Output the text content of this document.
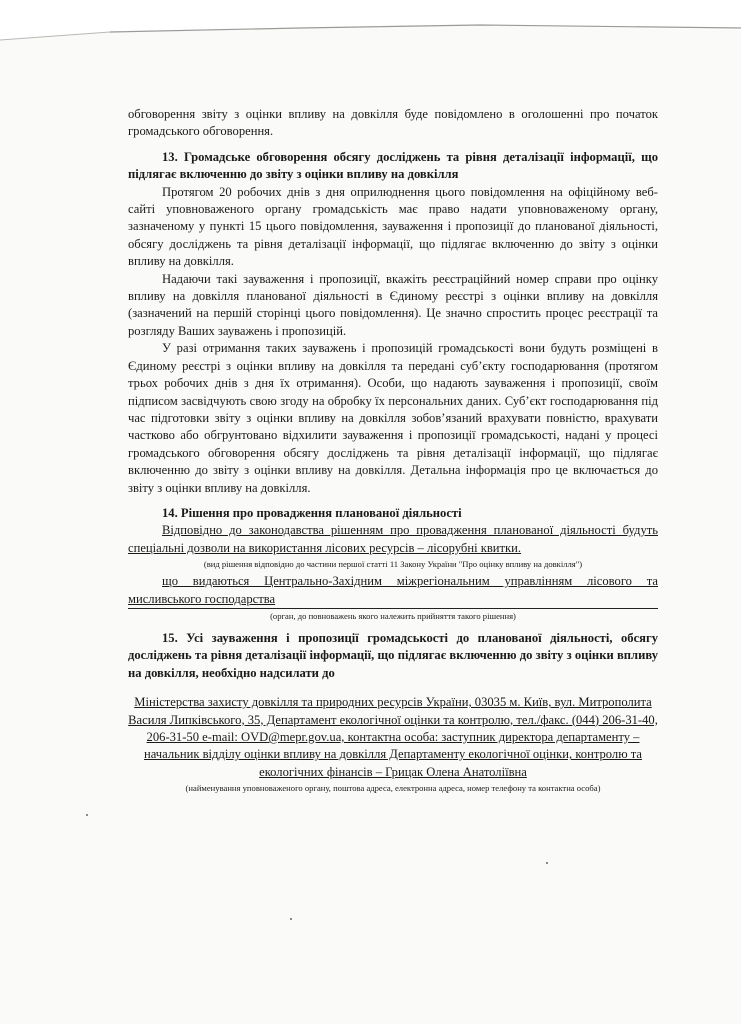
обговорення звіту з оцінки впливу на довкілля буде повідомлено в оголошенні про початок громадського обговорення.

13. Громадське обговорення обсягу досліджень та рівня деталізації інформації, що підлягає включенню до звіту з оцінки впливу на довкілля

Протягом 20 робочих днів з дня оприлюднення цього повідомлення на офіційному веб-сайті уповноваженого органу громадськість має право надати уповноваженому органу, зазначеному у пункті 15 цього повідомлення, зауваження і пропозиції до планованої діяльності, обсягу досліджень та рівня деталізації інформації, що підлягає включенню до звіту з оцінки впливу на довкілля.

Надаючи такі зауваження і пропозиції, вкажіть реєстраційний номер справи про оцінку впливу на довкілля планованої діяльності в Єдиному реєстрі з оцінки впливу на довкілля (зазначений на першій сторінці цього повідомлення). Це значно спростить процес реєстрації та розгляду Ваших зауважень і пропозицій.

У разі отримання таких зауважень і пропозицій громадськості вони будуть розміщені в Єдиному реєстрі з оцінки впливу на довкілля та передані суб’єкту господарювання (протягом трьох робочих днів з дня їх отримання). Особи, що надають зауваження і пропозиції, своїм підписом засвідчують свою згоду на обробку їх персональних даних. Суб’єкт господарювання під час підготовки звіту з оцінки впливу на довкілля зобов’язаний врахувати повністю, врахувати частково або обгрунтовано відхилити зауваження і пропозиції громадськості, надані у процесі громадського обговорення обсягу досліджень та рівня деталізації інформації, що підлягає включенню до звіту з оцінки впливу на довкілля. Детальна інформація про це включається до звіту з оцінки впливу на довкілля.

14. Рішення про провадження планованої діяльності

Відповідно до законодавства рішенням про провадження планованої діяльності будуть спеціальні дозволи на використання лісових ресурсів – лісорубні квитки.

(вид рішення відповідно до частини першої статті 11 Закону України "Про оцінку впливу на довкілля")

що видаються Центрально-Західним міжрегіональним управлінням лісового та мисливського господарства

(орган, до повноважень якого належить прийняття такого рішення)

15. Усі зауваження і пропозиції громадськості до планованої діяльності, обсягу досліджень та рівня деталізації інформації, що підлягає включенню до звіту з оцінки впливу на довкілля, необхідно надсилати до

Міністерства захисту довкілля та природних ресурсів України, 03035 м. Київ, вул. Митрополита Василя Липківського, 35, Департамент екологічної оцінки та контролю, тел./факс. (044) 206-31-40, 206-31-50 e-mail: OVD@mepr.gov.ua, контактна особа: заступник директора департаменту – начальник відділу оцінки впливу на довкілля Департаменту екологічної оцінки, контролю та екологічних фінансів – Грицак Олена Анатоліївна

(найменування уповноваженого органу, поштова адреса, електронна адреса, номер телефону та контактна особа)
